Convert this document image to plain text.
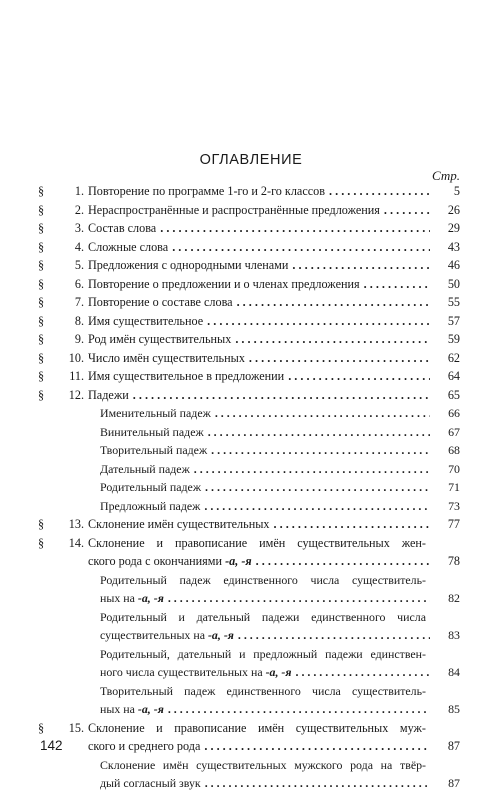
ОГЛАВЛЕНИЕ
Стр.
§	1. Повторение по программе 1-го и 2-го классов . . .	5
§	2. Нераспространённые и распространённые предложения . . .	26
§	3. Состав слова . . .	29
§	4. Сложные слова . . .	43
§	5. Предложения с однородными членами . . .	46
§	6. Повторение о предложении и о членах предложения . . .	50
§	7. Повторение о составе слова . . .	55
§	8. Имя существительное . . .	57
§	9. Род имён существительных . . .	59
§	10. Число имён существительных . . .	62
§	11. Имя существительное в предложении . . .	64
§	12. Падежи . . .	65
Именительный падеж . . .	66
Винительный падеж . . .	67
Творительный падеж . . .	68
Дательный падеж . . .	70
Родительный падеж . . .	71
Предложный падеж . . .	73
§	13. Склонение имён существительных . . .	77
§	14. Склонение и правописание имён существительных жен-
ского рода с окончаниями -а, -я . . .	78
Родительный падеж единственного числа существитель-
ных на -а, -я . . .	82
Родительный и дательный падежи единственного числа
существительных на -а, -я . . .	83
Родительный, дательный и предложный падежи единствен-
ного числа существительных на -а, -я . . .	84
Творительный падеж единственного числа существитель-
ных на -а, -я . . .	85
§	15. Склонение и правописание имён существительных муж-
ского и среднего рода . . .	87
Склонение имён существительных мужского рода на твёр-
дый согласный звук . . .	87
142
